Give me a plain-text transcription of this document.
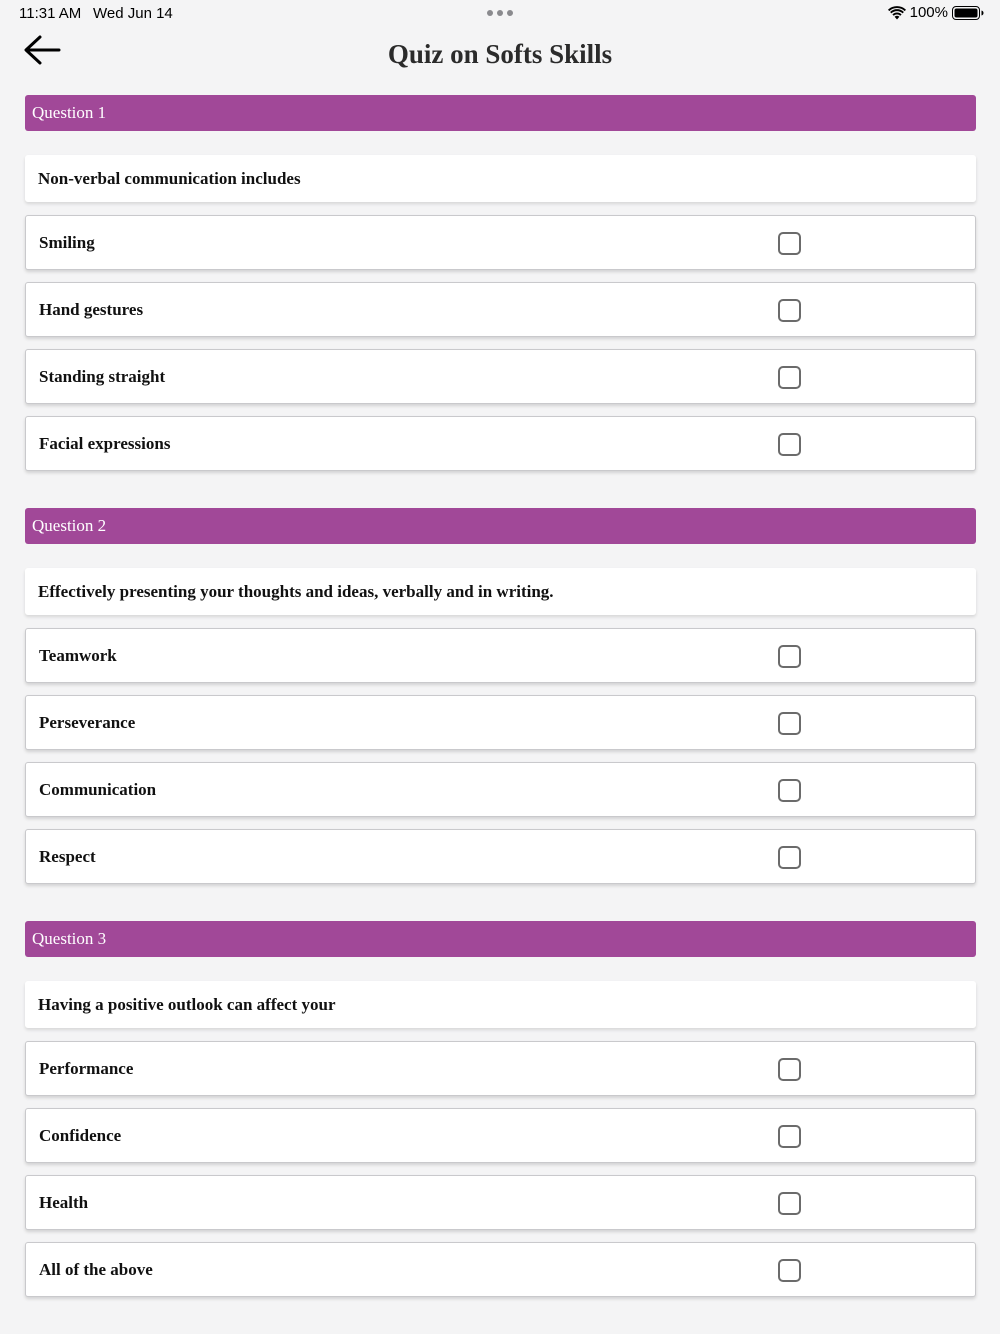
11:31 AM Wed Jun 14	100%
Quiz on Softs Skills
Question 1
Non-verbal communication includes
Smiling
Hand gestures
Standing straight
Facial expressions
Question 2
Effectively presenting your thoughts and ideas, verbally and in writing.
Teamwork
Perseverance
Communication
Respect
Question 3
Having a positive outlook can affect your
Performance
Confidence
Health
All of the above
